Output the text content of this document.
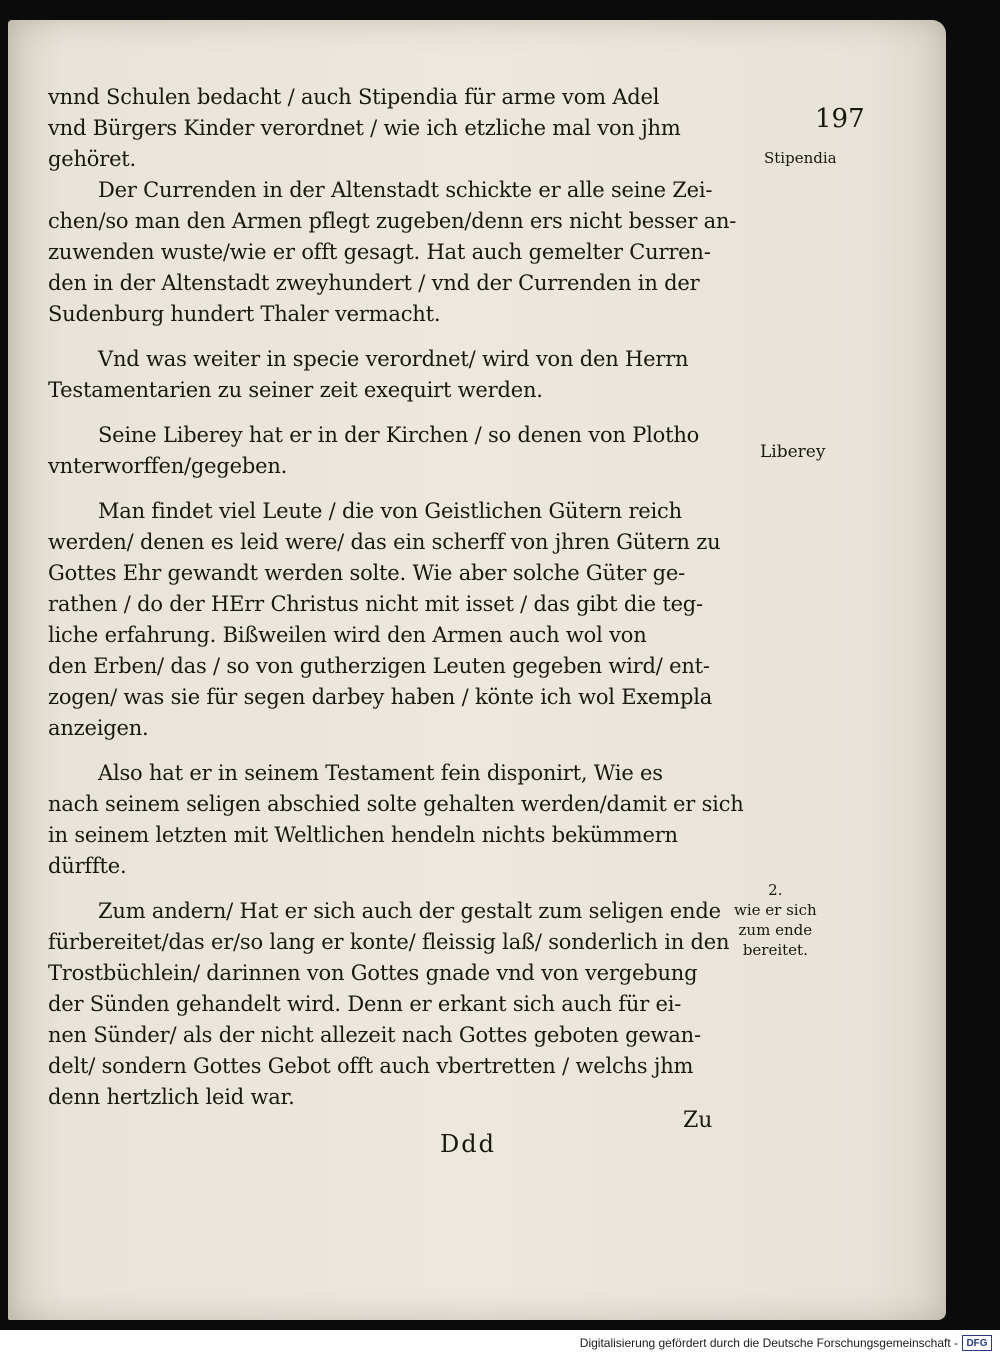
vnnd Schulen bedacht / auch Stipendia für arme vom Adel
vnd Bürgers Kinder verordnet / wie ich etzliche mal von jhm
gehöret.
Der Currenden in der Altenstadt schickte er alle seine Zei-
chen/so man den Armen pflegt zugeben/denn ers nicht besser an-
zuwenden wuste/wie er offt gesagt. Hat auch gemelter Curren-
den in der Altenstadt zweyhundert / vnd der Currenden in der
Sudenburg hundert Thaler vermacht.
Vnd was weiter in specie verordnet/ wird von den Herrn
Testamentarien zu seiner zeit exequirt werden.
Seine Liberey hat er in der Kirchen / so denen von Plotho
vnterworffen/gegeben.
Man findet viel Leute / die von Geistlichen Gütern reich
werden/ denen es leid were/ das ein scherff von jhren Gütern zu
Gottes Ehr gewandt werden solte. Wie aber solche Güter ge-
rathen / do der HErr Christus nicht mit isset / das gibt die teg-
liche erfahrung. Bißweilen wird den Armen auch wol von
den Erben/ das / so von gutherzigen Leuten gegeben wird/ ent-
zogen/ was sie für segen darbey haben / könte ich wol Exempla
anzeigen.
Also hat er in seinem Testament fein disponirt, Wie es
nach seinem seligen abschied solte gehalten werden/damit er sich
in seinem letzten mit Weltlichen hendeln nichts bekümmern
dürffte.
Zum andern/ Hat er sich auch der gestalt zum seligen ende
fürbereitet/das er/so lang er konte/ fleissig laß/ sonderlich in den
Trostbüchlein/ darinnen von Gottes gnade vnd von vergebung
der Sünden gehandelt wird. Denn er erkant sich auch für ei-
nen Sünder/ als der nicht allezeit nach Gottes geboten gewan-
delt/ sondern Gottes Gebot offt auch vbertretten / welchs jhm
denn hertzlich leid war.
197
Stipendia
Liberey
2.
wie er sich
zum ende
bereitet.
Zu
Ddd
Digitalisierung gefördert durch die Deutsche Forschungsgemeinschaft - DFG
